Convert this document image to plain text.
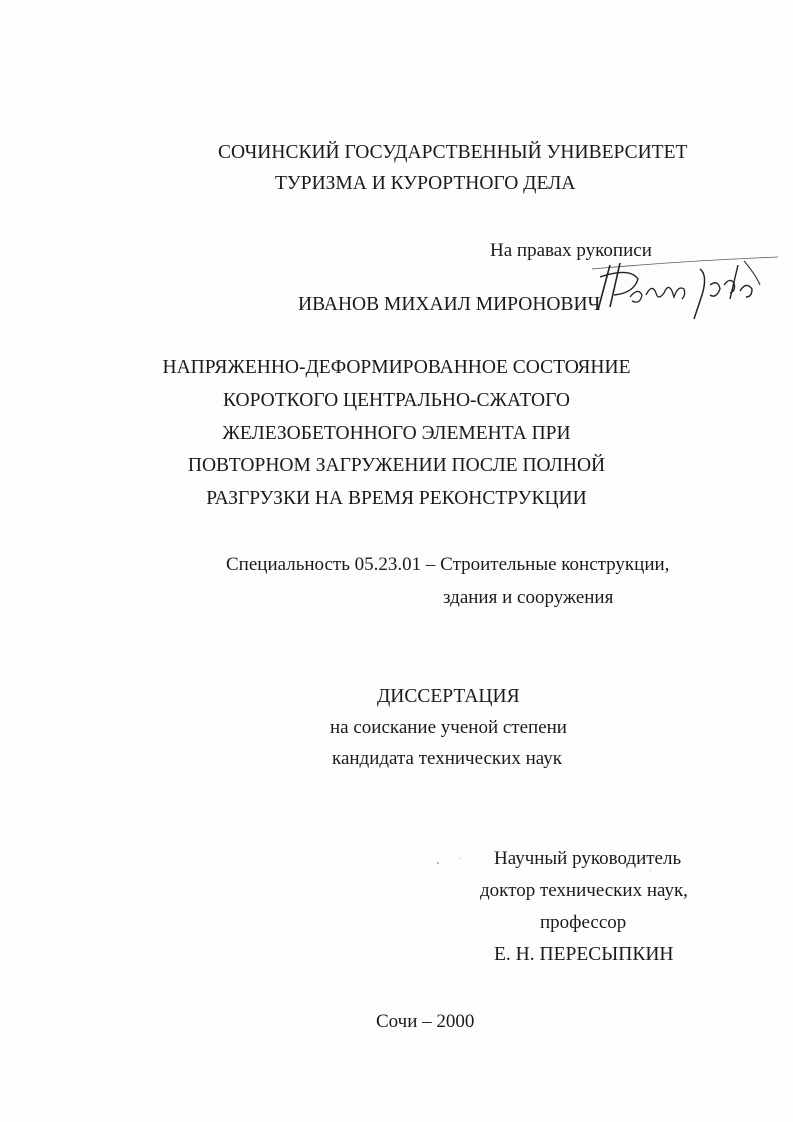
СОЧИНСКИЙ ГОСУДАРСТВЕННЫЙ УНИВЕРСИТЕТ
ТУРИЗМА И КУРОРТНОГО ДЕЛА
На правах рукописи
ИВАНОВ МИХАИЛ МИРОНОВИЧ
НАПРЯЖЕННО-ДЕФОРМИРОВАННОЕ СОСТОЯНИЕ
КОРОТКОГО ЦЕНТРАЛЬНО-СЖАТОГО
ЖЕЛЕЗОБЕТОННОГО ЭЛЕМЕНТА ПРИ
ПОВТОРНОМ ЗАГРУЖЕНИИ ПОСЛЕ ПОЛНОЙ
РАЗГРУЗКИ НА ВРЕМЯ РЕКОНСТРУКЦИИ
Специальность 05.23.01 – Строительные конструкции,
здания и сооружения
ДИССЕРТАЦИЯ
на соискание ученой степени
кандидата технических наук
Научный руководитель
доктор технических наук,
профессор
Е. Н. ПЕРЕСЫПКИН
Сочи – 2000
